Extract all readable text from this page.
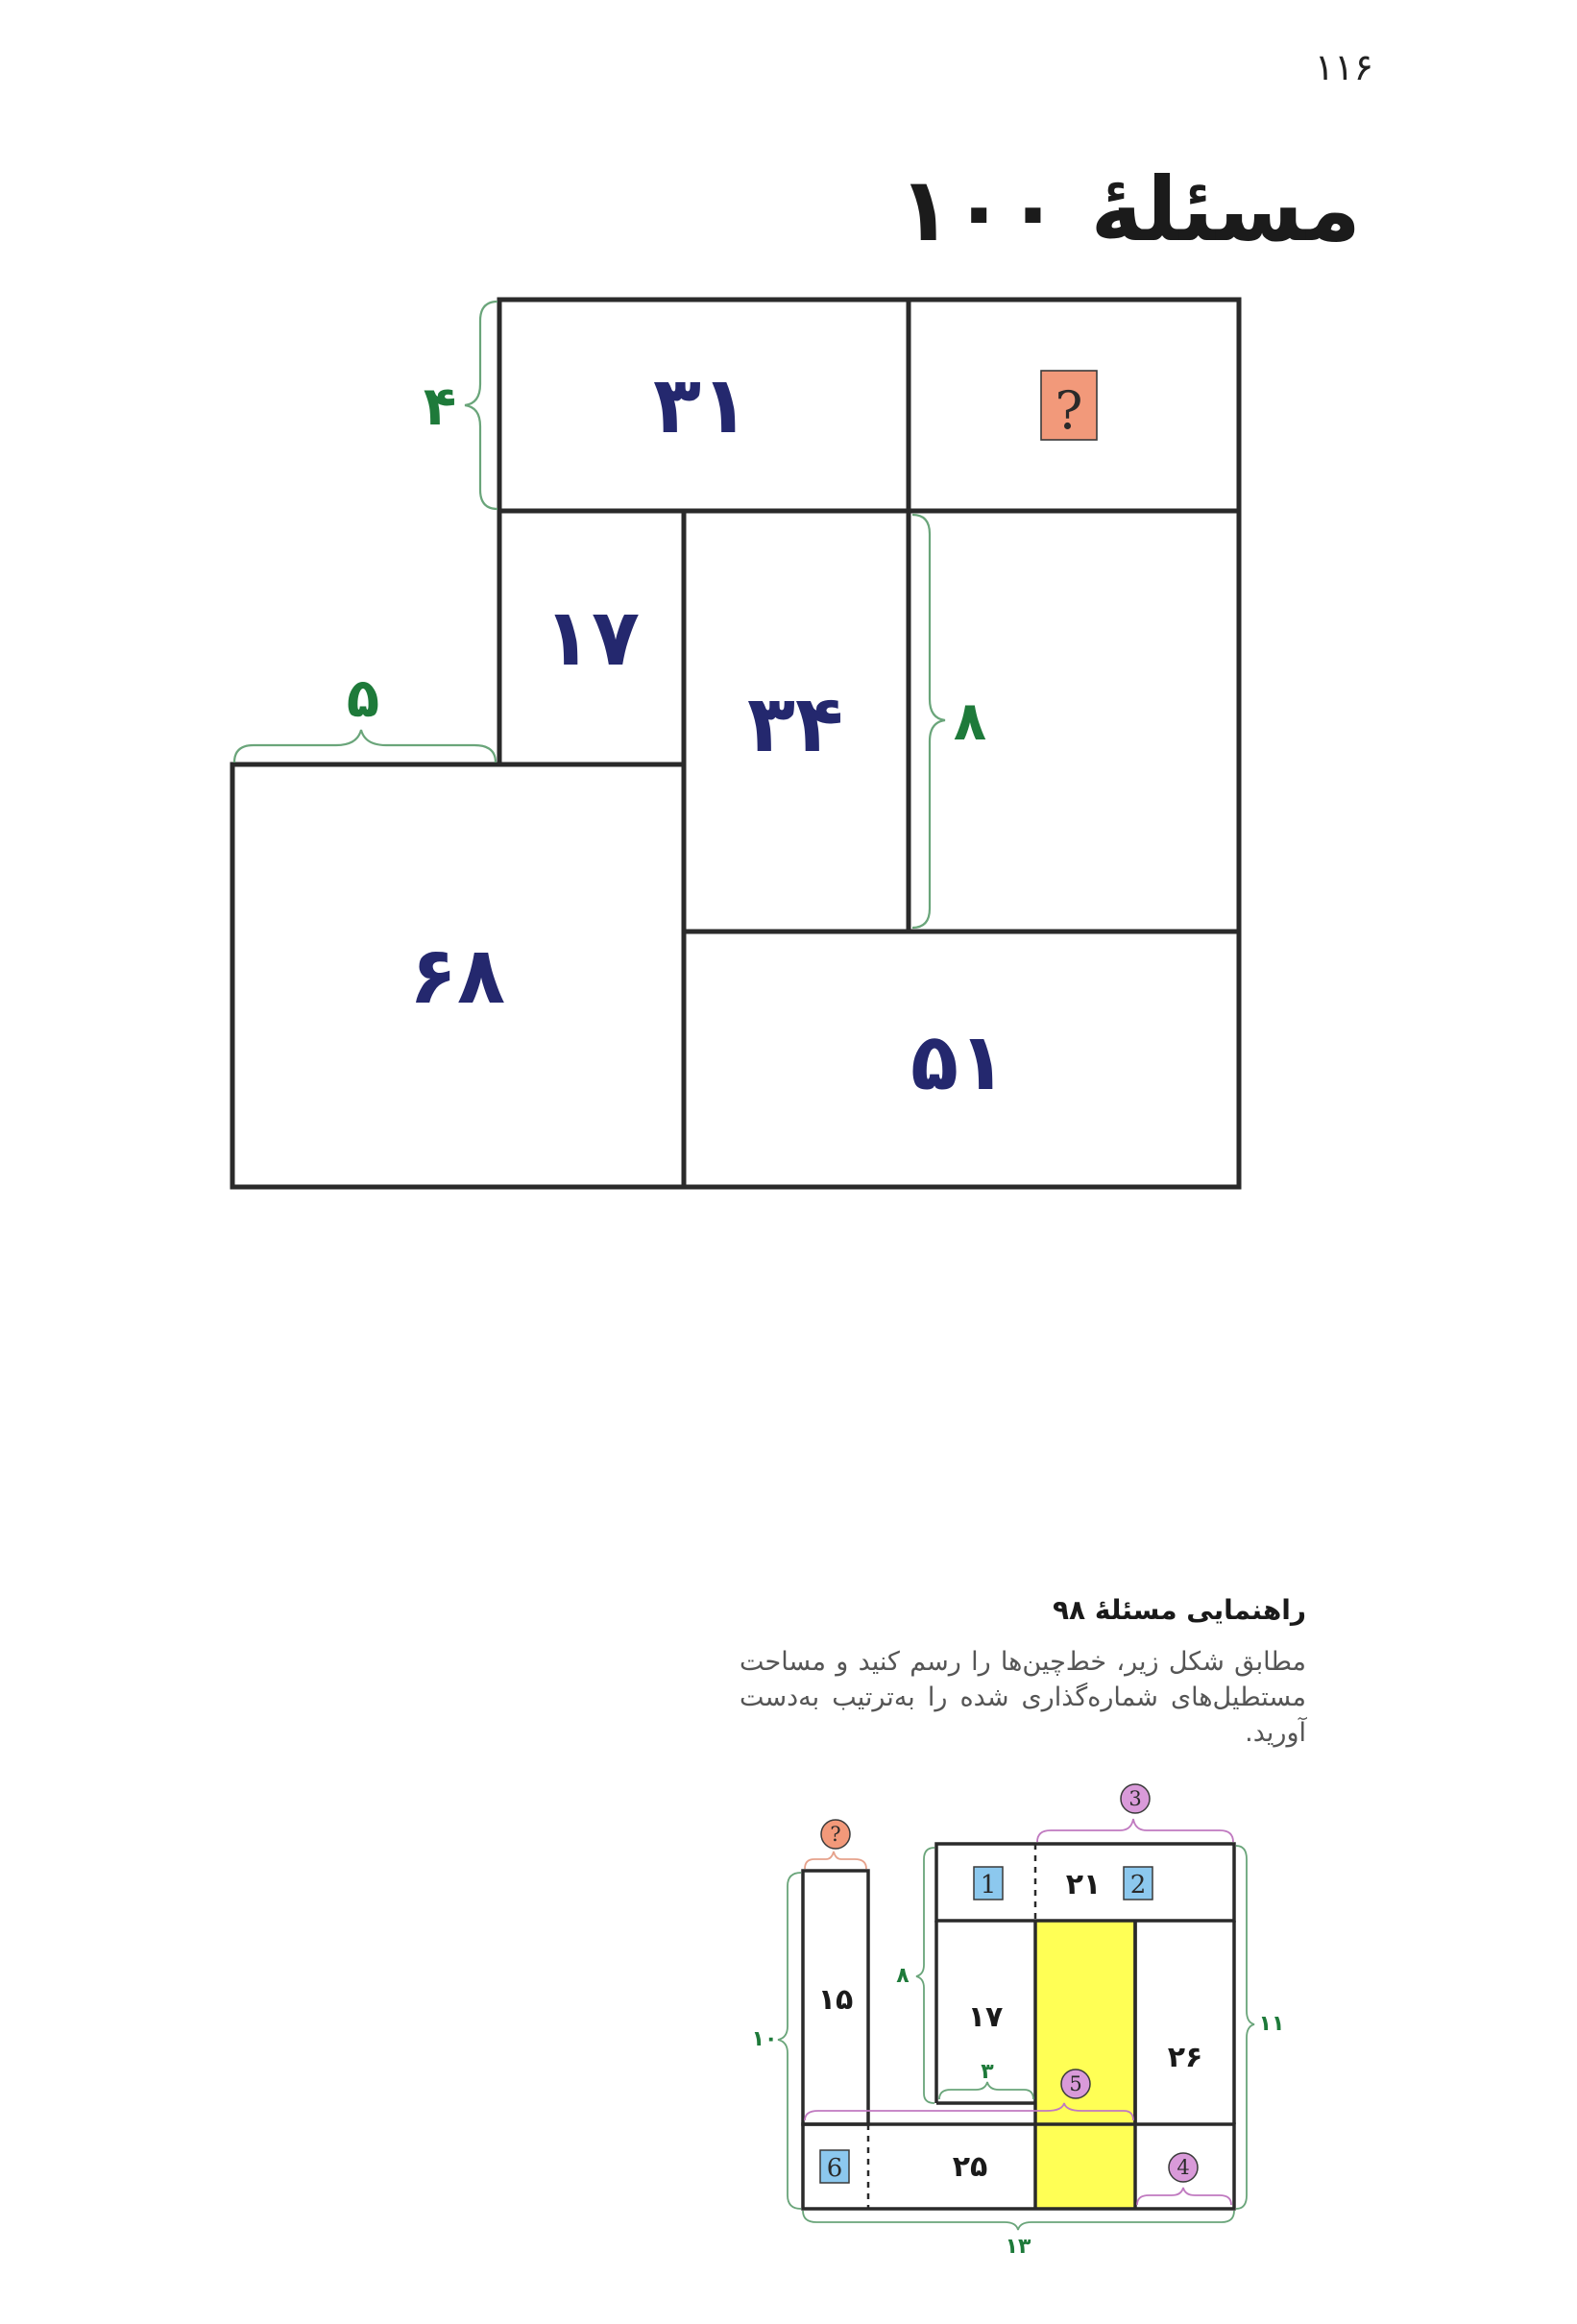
۱۱۶
مسئلهٔ ۱۰۰
?
۳۱
۱۷
۳۴
۶۸
۵۱
۴
۵	۸
راهنمایی مسئلهٔ ۹۸
مطابق شکل زیر، خط‌چین‌ها را رسم کنید و مساحت مستطیل‌های شماره‌گذاری شده را به‌ترتیب به‌دست آورید.
1	2
6
3
5
4
?
۲۱
۱۵
۱۷
۲۶
۲۵
۸
۳
۱۰
۱۱
۱۳
